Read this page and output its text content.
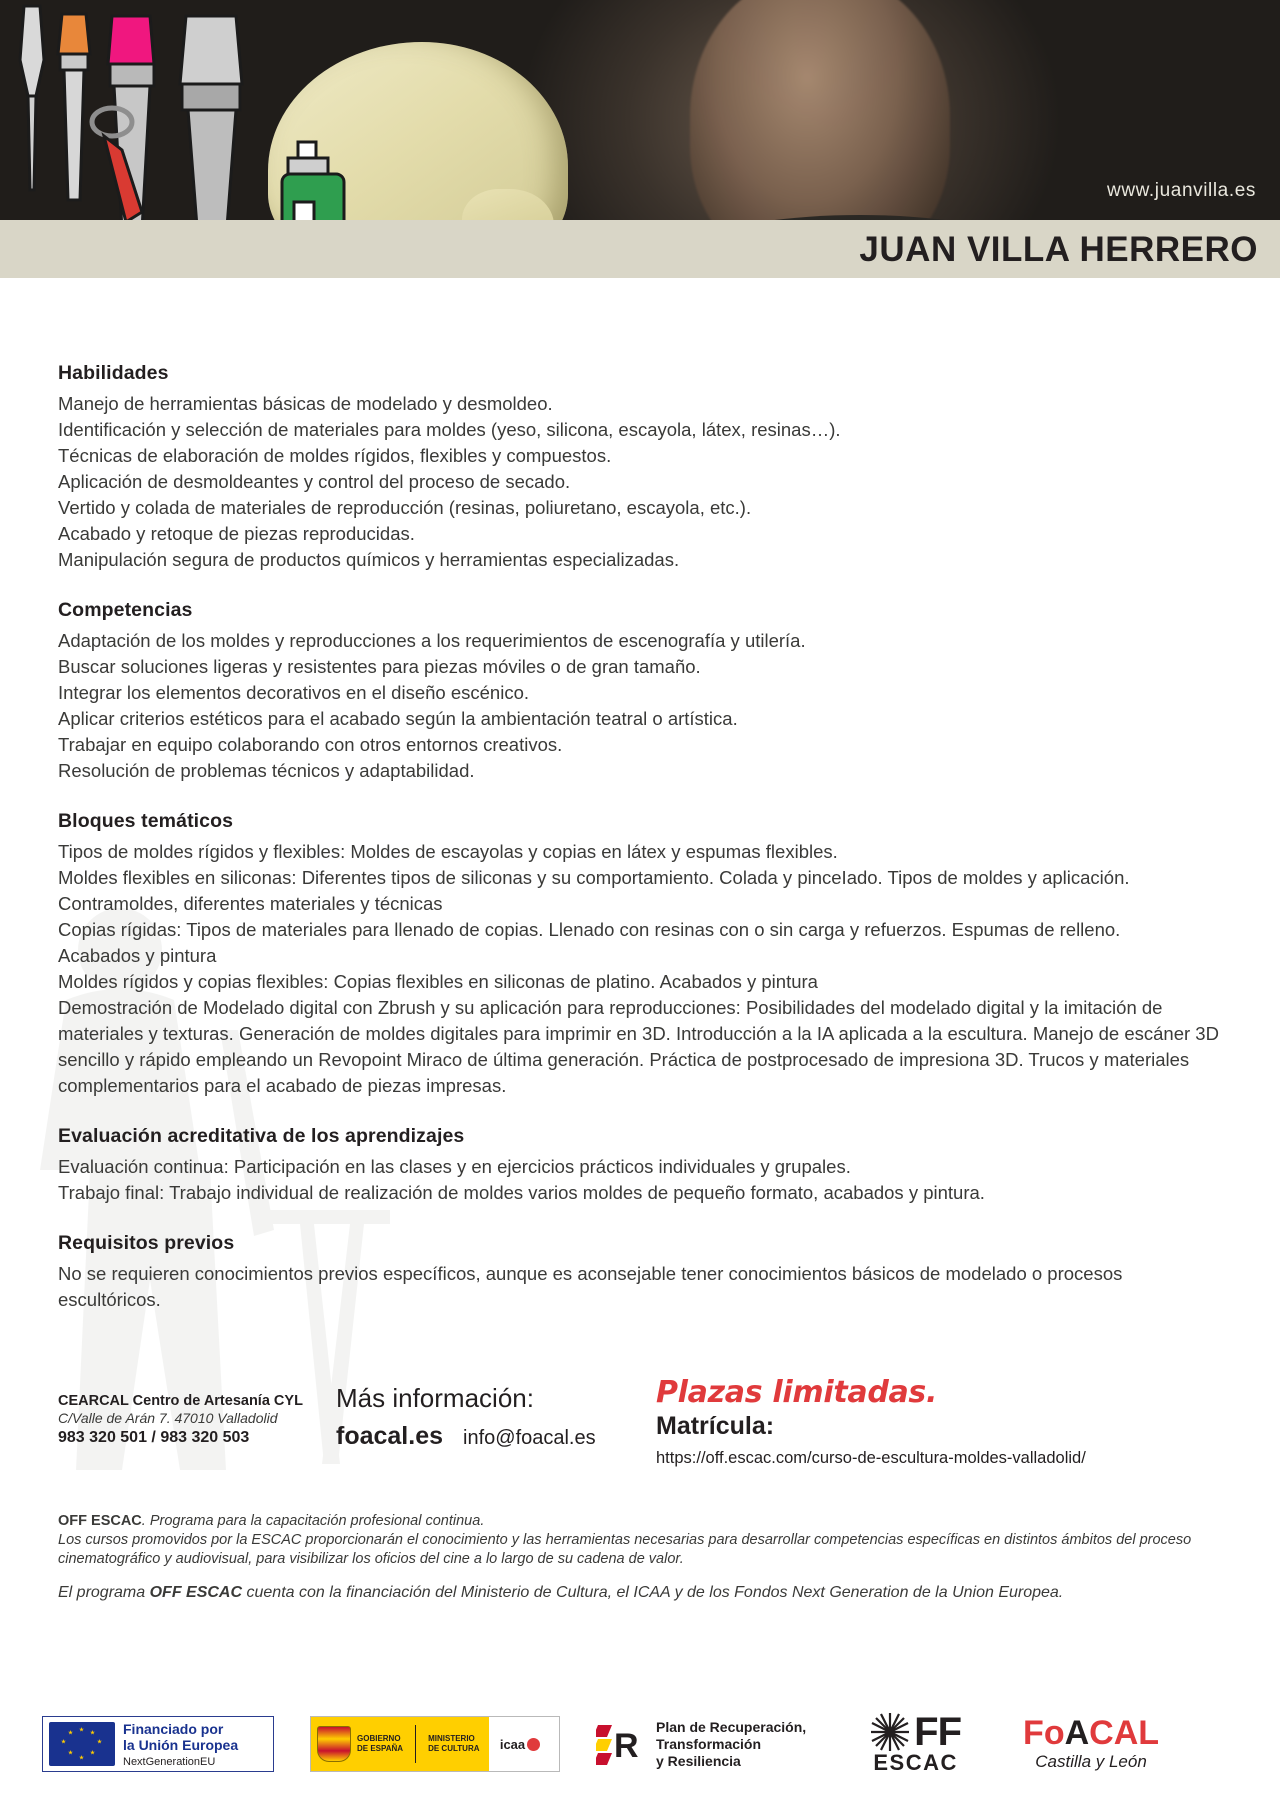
www.juanvilla.es
JUAN VILLA HERRERO
Habilidades

Manejo de herramientas básicas de modelado y desmoldeo.

Identificación y selección de materiales para moldes (yeso, silicona, escayola, látex, resinas…).

Técnicas de elaboración de moldes rígidos, flexibles y compuestos.

Aplicación de desmoldeantes y control del proceso de secado.

Vertido y colada de materiales de reproducción (resinas, poliuretano, escayola, etc.).

Acabado y retoque de piezas reproducidas.

Manipulación segura de productos químicos y herramientas especializadas.

Competencias

Adaptación de los moldes y reproducciones a los requerimientos de escenografía y utilería.

Buscar soluciones ligeras y resistentes para piezas móviles o de gran tamaño.

Integrar los elementos decorativos en el diseño escénico.

Aplicar criterios estéticos para el acabado según la ambientación teatral o artística.

Trabajar en equipo colaborando con otros entornos creativos.

Resolución de problemas técnicos y adaptabilidad.

Bloques temáticos

Tipos de moldes rígidos y flexibles: Moldes de escayolas y copias en látex y espumas flexibles.

Moldes flexibles en siliconas: Diferentes tipos de siliconas y su comportamiento. Colada y pinceIado. Tipos de moldes y aplicación.

Contramoldes, diferentes materiales y técnicas

Copias rígidas: Tipos de materiales para llenado de copias. Llenado con resinas con o sin carga y refuerzos. Espumas de relleno.

Acabados y pintura

Moldes rígidos y copias flexibles: Copias flexibles en siliconas de platino. Acabados y pintura

Demostración de Modelado digital con Zbrush y su aplicación para reproducciones: Posibilidades del modelado digital y la imitación de materiales y texturas. Generación de moldes digitales para imprimir en 3D. Introducción a la IA aplicada a la escultura. Manejo de escáner 3D sencillo y rápido empleando un Revopoint Miraco de última generación. Práctica de postprocesado de impresiona 3D. Trucos y materiales complementarios para el acabado de piezas impresas.

Evaluación acreditativa de los aprendizajes

Evaluación continua: Participación en las clases y en ejercicios prácticos individuales y grupales.

Trabajo final: Trabajo individual de realización de moldes varios moldes de pequeño formato, acabados y pintura.

Requisitos previos

No se requieren conocimientos previos específicos, aunque es aconsejable tener conocimientos básicos de modelado o procesos escultóricos.

CEARCAL Centro de Artesanía CYL
C/Valle de Arán 7. 47010 Valladolid
983 320 501 / 983 320 503
Más información:
foacal.es info@foacal.es
Plazas limitadas.
Matrícula:
https://off.escac.com/curso-de-escultura-moldes-valladolid/

OFF ESCAC. Programa para la capacitación profesional continua.

Los cursos promovidos por la ESCAC proporcionarán el conocimiento y las herramientas necesarias para desarrollar competencias específicas en distintos ámbitos del proceso cinematográfico y audiovisual, para visibilizar los oficios del cine a lo largo de su cadena de valor.

El programa OFF ESCAC cuenta con la financiación del Ministerio de Cultura, el ICAA y de los Fondos Next Generation de la Union Europea.

Financiado por
la Unión Europea
NextGenerationEU
GOBIERNO
DE ESPAÑA
MINISTERIO
DE CULTURA icaa	R
Plan de Recuperación,
Transformación
y Resiliencia
FF
ESCAC
FoACAL
Castilla y León
